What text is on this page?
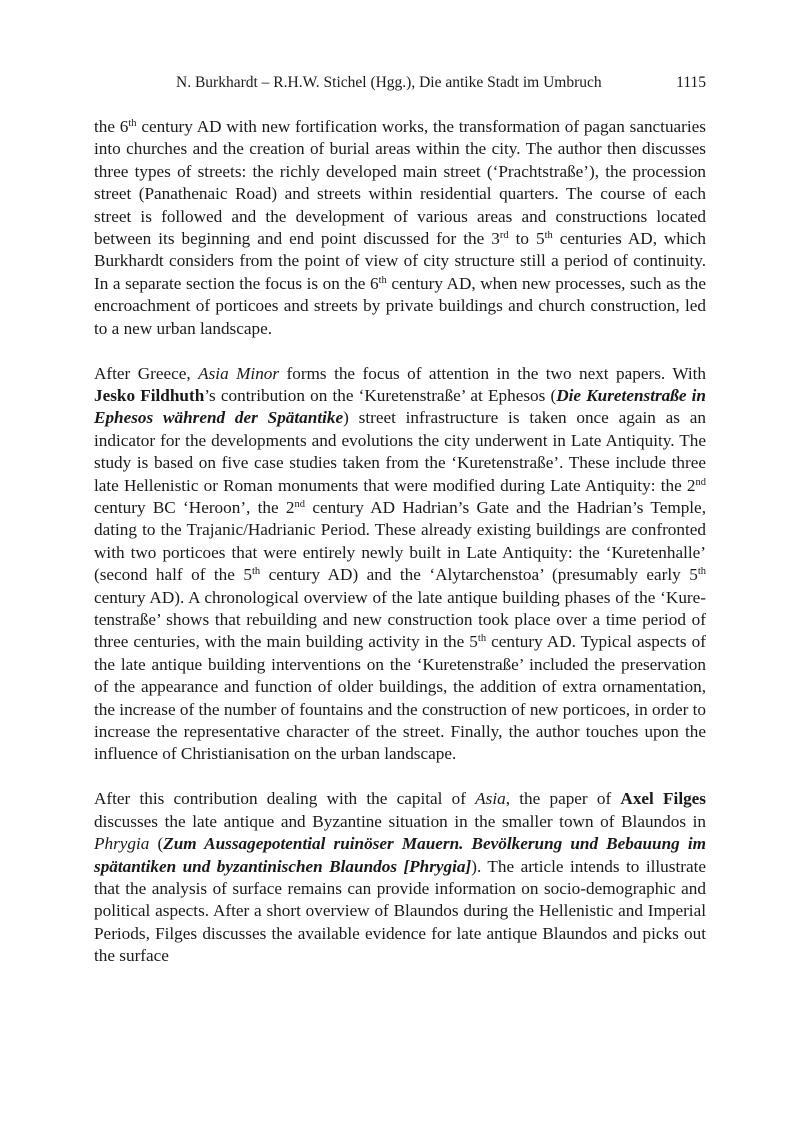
N. Burkhardt – R.H.W. Stichel (Hgg.), Die antike Stadt im Umbruch	1115

the 6th century AD with new fortification works, the transformation of pagan sanctuaries into churches and the creation of burial areas within the city. The author then discusses three types of streets: the richly developed main street (‘Prachtstraße’), the procession street (Panathenaic Road) and streets within residential quarters. The course of each street is followed and the development of various areas and constructions located between its beginning and end point discussed for the 3rd to 5th centuries AD, which Burkhardt considers from the point of view of city structure still a period of continuity. In a separate section the focus is on the 6th century AD, when new processes, such as the encroachment of porticoes and streets by private buildings and church construction, led to a new urban landscape.

After Greece, Asia Minor forms the focus of attention in the two next papers. With Jesko Fildhuth’s contribution on the ‘Kuretenstraße’ at Ephesos (Die Kuretenstraße in Ephesos während der Spätantike) street infrastructure is taken once again as an indicator for the developments and evolutions the city underwent in Late Antiquity. The study is based on five case studies taken from the ‘Kuretenstraße’. These include three late Hellenistic or Roman monuments that were modified during Late Antiquity: the 2nd century BC ‘Heroon’, the 2nd century AD Hadrian’s Gate and the Hadrian’s Temple, dating to the Trajanic/Hadrianic Period. These already existing buildings are confronted with two porticoes that were entirely newly built in Late Antiquity: the ‘Kuretenhalle’ (second half of the 5th century AD) and the ‘Alytarchenstoa’ (presumably early 5th century AD). A chronological overview of the late antique building phases of the ‘Kuretenstraße’ shows that rebuilding and new construction took place over a time period of three centuries, with the main building activity in the 5th century AD. Typical aspects of the late antique building interventions on the ‘Kuretenstraße’ included the preservation of the appearance and function of older buildings, the addition of extra ornamentation, the increase of the number of fountains and the construction of new porticoes, in order to increase the representative character of the street. Finally, the author touches upon the influence of Christianisation on the urban landscape.

After this contribution dealing with the capital of Asia, the paper of Axel Filges discusses the late antique and Byzantine situation in the smaller town of Blaundos in Phrygia (Zum Aussagepotential ruinöser Mauern. Bevölkerung und Bebauung im spätantiken und byzantinischen Blaundos [Phrygia]). The article intends to illustrate that the analysis of surface remains can provide information on socio-demographic and political aspects. After a short overview of Blaundos during the Hellenistic and Imperial Periods, Filges discusses the available evidence for late antique Blaundos and picks out the surface
